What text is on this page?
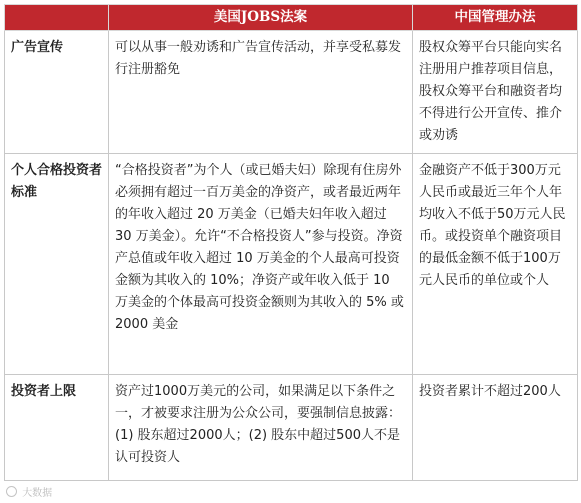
	美国JOBS法案	中国管理办法
广告宣传	可以从事一般劝诱和广告宣传活动，并享受私募发行注册豁免	股权众筹平台只能向实名注册用户推荐项目信息，股权众筹平台和融资者均不得进行公开宣传、推介或劝诱
个人合格投资者标准	“合格投资者”为个人（或已婚夫妇）除现有住房外必须拥有超过一百万美金的净资产，或者最近两年的年收入超过 20 万美金（已婚夫妇年收入超过 30 万美金）。允许“不合格投资人”参与投资。净资产总值或年收入超过 10 万美金的个人最高可投资金额为其收入的 10%；净资产或年收入低于 10 万美金的个体最高可投资金额则为其收入的 5% 或 2000 美金	金融资产不低于300万元人民币或最近三年个人年均收入不低于50万元人民币。或投资单个融资项目的最低金额不低于100万元人民币的单位或个人
投资者上限	资产过1000万美元的公司，如果满足以下条件之一，才被要求注册为公众公司，要强制信息披露：(1) 股东超过2000人；(2) 股东中超过500人不是认可投资人	投资者累计不超过200人
大数据
